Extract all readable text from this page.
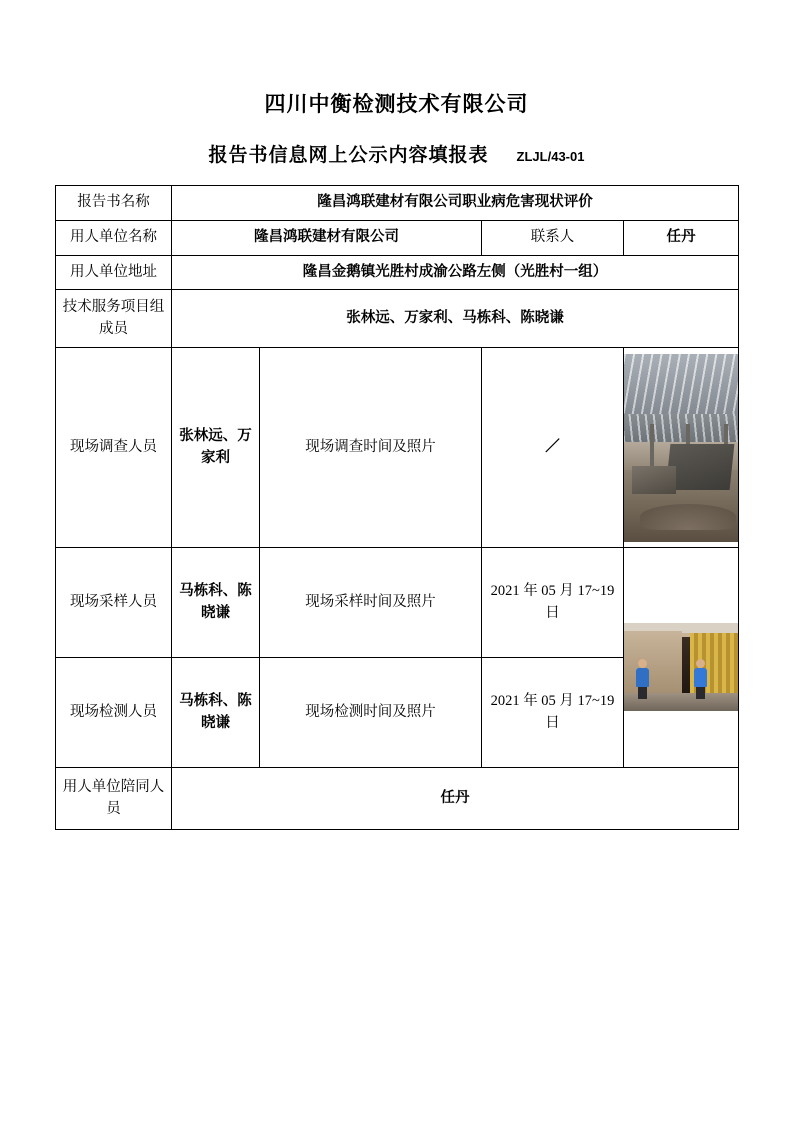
四川中衡检测技术有限公司
报告书信息网上公示内容填报表 ZLJL/43-01
报告书名称	隆昌鸿联建材有限公司职业病危害现状评价			
用人单位名称	隆昌鸿联建材有限公司		联系人	任丹
用人单位地址	隆昌金鹅镇光胜村成渝公路左侧（光胜村一组）			
技术服务项目组成员	张林远、万家利、马栋科、陈晓谦			
现场调查人员	张林远、万家利	现场调查时间及照片	／	

现场采样人员	马栋科、陈晓谦	现场采样时间及照片	2021 年 05 月 17~19 日	

现场检测人员	马栋科、陈晓谦	现场检测时间及照片	2021 年 05 月 17~19 日	
用人单位陪同人员	任丹			
